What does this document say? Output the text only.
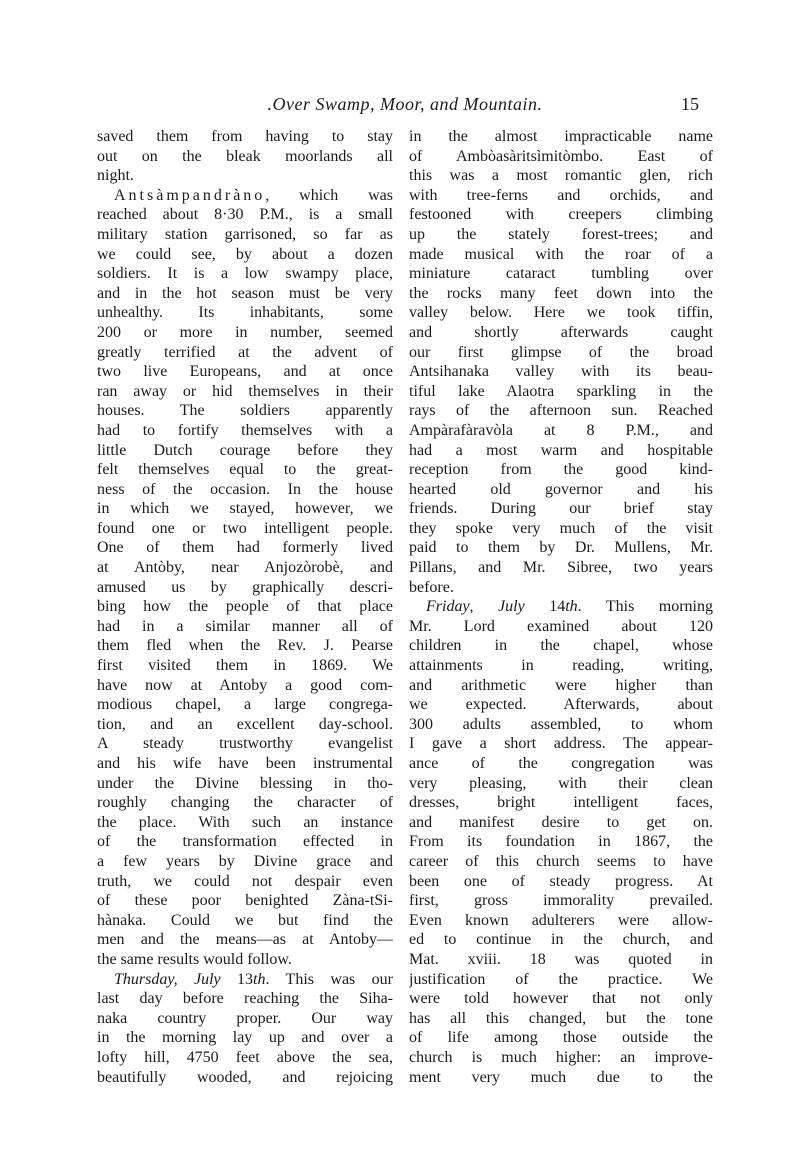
.Over Swamp, Moor, and Mountain.	15
saved them from having to stay
out on the bleak moorlands all
night.
Antsàmpandràno, which was
reached about 8·30 P.M., is a small
military station garrisoned, so far as
we could see, by about a dozen
soldiers. It is a low swampy place,
and in the hot season must be very
unhealthy. Its inhabitants, some
200 or more in number, seemed
greatly terrified at the advent of
two live Europeans, and at once
ran away or hid themselves in their
houses. The soldiers apparently
had to fortify themselves with a
little Dutch courage before they
felt themselves equal to the great-
ness of the occasion. In the house
in which we stayed, however, we
found one or two intelligent people.
One of them had formerly lived
at Antòby, near Anjozòrobè, and
amused us by graphically descri-
bing how the people of that place
had in a similar manner all of
them fled when the Rev. J. Pearse
first visited them in 1869. We
have now at Antoby a good com-
modious chapel, a large congrega-
tion, and an excellent day-school.
A steady trustworthy evangelist
and his wife have been instrumental
under the Divine blessing in tho-
roughly changing the character of
the place. With such an instance
of the transformation effected in
a few years by Divine grace and
truth, we could not despair even
of these poor benighted Zàna-tSi-
hànaka. Could we but find the
men and the means—as at Antoby—
the same results would follow.
Thursday, July 13th. This was our
last day before reaching the Siha-
naka country proper. Our way
in the morning lay up and over a
lofty hill, 4750 feet above the sea,
beautifully wooded, and rejoicing
in the almost impracticable name
of Ambòasàritsìmitòmbo. East of
this was a most romantic glen, rich
with tree-ferns and orchids, and
festooned with creepers climbing
up the stately forest-trees; and
made musical with the roar of a
miniature cataract tumbling over
the rocks many feet down into the
valley below. Here we took tiffin,
and shortly afterwards caught
our first glimpse of the broad
Antsihanaka valley with its beau-
tiful lake Alaotra sparkling in the
rays of the afternoon sun. Reached
Ampàrafàravòla at 8 P.M., and
had a most warm and hospitable
reception from the good kind-
hearted old governor and his
friends. During our brief stay
they spoke very much of the visit
paid to them by Dr. Mullens, Mr.
Pillans, and Mr. Sibree, two years
before.
Friday, July 14th. This morning
Mr. Lord examined about 120
children in the chapel, whose
attainments in reading, writing,
and arithmetic were higher than
we expected. Afterwards, about
300 adults assembled, to whom
I gave a short address. The appear-
ance of the congregation was
very pleasing, with their clean
dresses, bright intelligent faces,
and manifest desire to get on.
From its foundation in 1867, the
career of this church seems to have
been one of steady progress. At
first, gross immorality prevailed.
Even known adulterers were allow-
ed to continue in the church, and
Mat. xviii. 18 was quoted in
justification of the practice. We
were told however that not only
has all this changed, but the tone
of life among those outside the
church is much higher: an improve-
ment very much due to the
